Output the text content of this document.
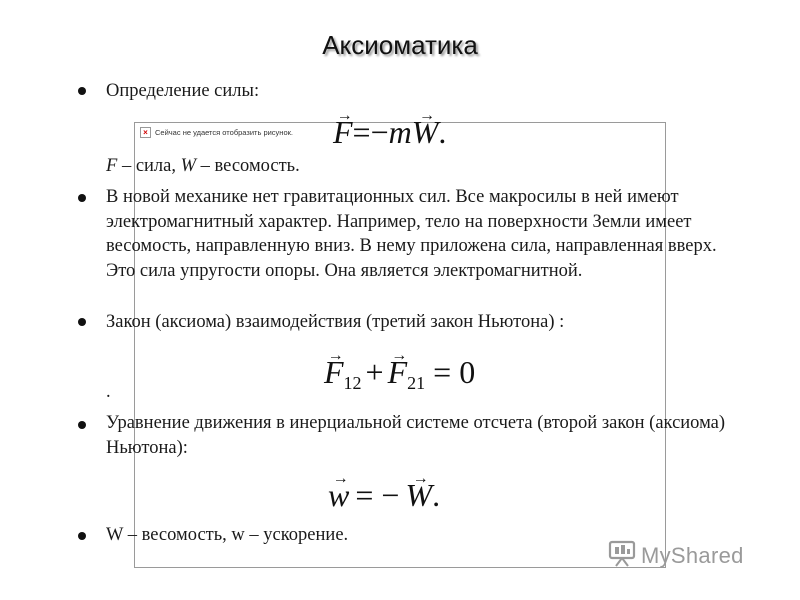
Аксиоматика
× Сейчас не удается отобразить рисунок.
Определение силы:
→ F=−m→ W.
F – сила, W – весомость.
В новой механике нет гравитационных сил. Все макросилы в ней имеют электромагнитный характер. Например, тело на поверхности Земли имеет весомость, направленную вниз. В нему приложена сила, направленная вверх. Это сила упругости опоры. Она является электромагнитной.
Закон (аксиома) взаимодействия (третий закон Ньютона) :
→ $F_{12} +\to F_{21} = 0$
.
Уравнение движения в инерциальной системе отсчета (второй закон (аксиома) Ньютона):
→ w = −→ W.
W – весомость, w – ускорение.
MyShared
